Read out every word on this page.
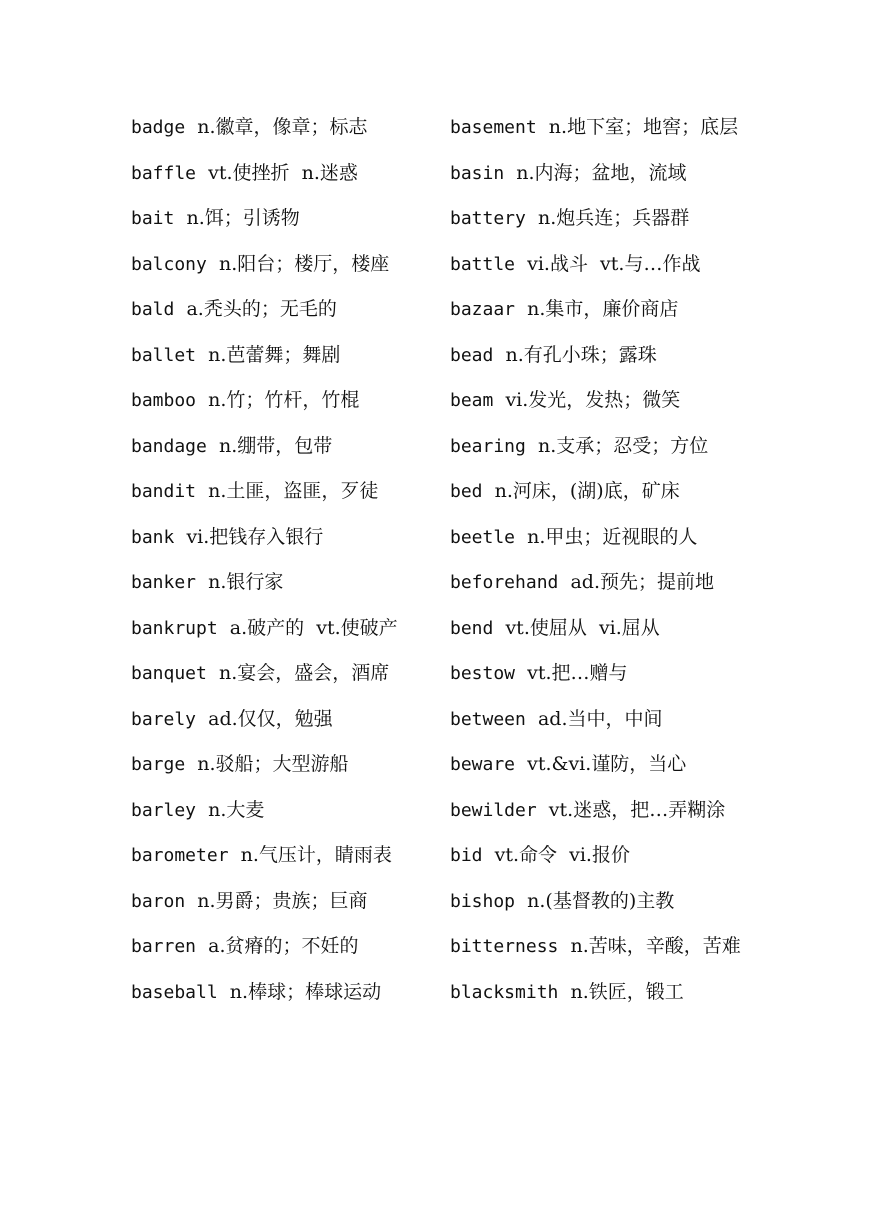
badge n.徽章，像章；标志
baffle vt.使挫折  n.迷惑
bait n.饵；引诱物
balcony n.阳台；楼厅，楼座
bald a.秃头的；无毛的
ballet n.芭蕾舞；舞剧
bamboo n.竹；竹杆，竹棍
bandage n.绷带，包带
bandit n.土匪，盗匪，歹徒
bank vi.把钱存入银行
banker n.银行家
bankrupt a.破产的  vt.使破产
banquet n.宴会，盛会，酒席
barely ad.仅仅，勉强
barge n.驳船；大型游船
barley n.大麦
barometer n.气压计，睛雨表
baron n.男爵；贵族；巨商
barren a.贫瘠的；不妊的
baseball n.棒球；棒球运动
basement n.地下室；地窖；底层
basin n.内海；盆地，流域
battery n.炮兵连；兵器群
battle vi.战斗  vt.与…作战
bazaar n.集市，廉价商店
bead n.有孔小珠；露珠
beam vi.发光，发热；微笑
bearing n.支承；忍受；方位
bed n.河床，(湖)底，矿床
beetle n.甲虫；近视眼的人
beforehand ad.预先；提前地
bend vt.使屈从  vi.屈从
bestow vt.把…赠与
between ad.当中，中间
beware vt.&vi.谨防，当心
bewilder vt.迷惑，把…弄糊涂
bid vt.命令  vi.报价
bishop n.(基督教的)主教
bitterness n.苦味，辛酸，苦难
blacksmith n.铁匠，锻工
